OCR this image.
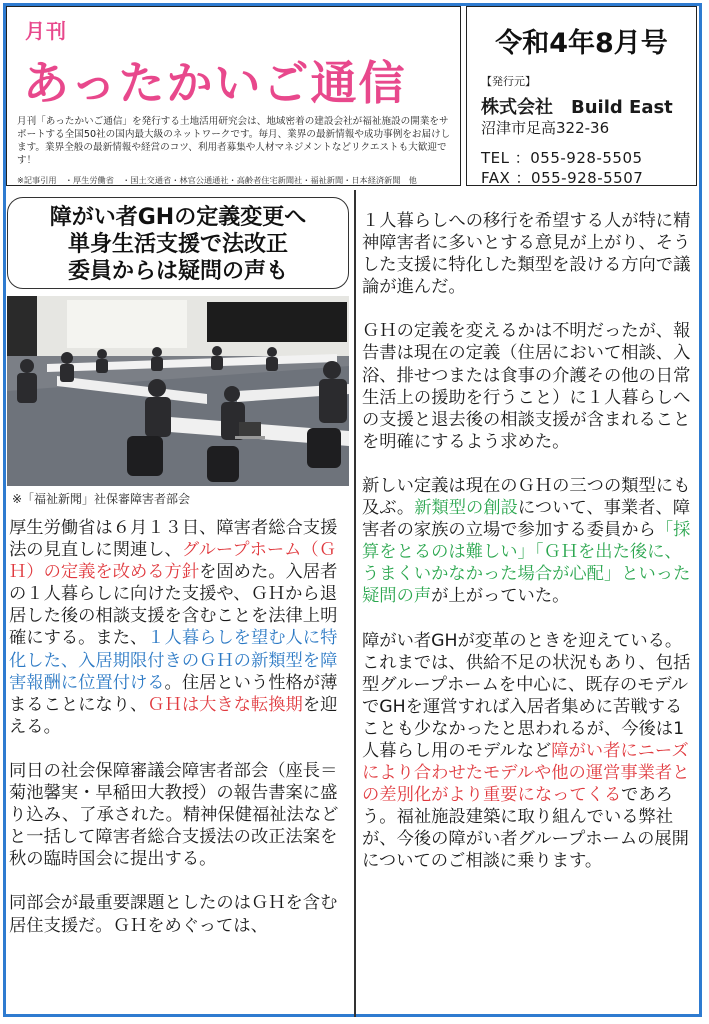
月刊
あったかいご通信
月刊「あったかいご通信」を発行する土地活用研究会は、地域密着の建設会社が福祉施設の開業をサポートする全国50社の国内最大級のネットワークです。毎月、業界の最新情報や成功事例をお届けします。業界全般の最新情報や経営のコツ、利用者募集や人材マネジメントなどリクエストも大歓迎です！
※記事引用　・厚生労働省　・国土交通省・林官公通通社・高齢者住宅新聞社・福祉新聞・日本経済新聞　他
令和4年8月号
【発行元】
株式会社　Build East
沼津市足高322-36
TEL ：055-928-5505
FAX ：055-928-5507
障がい者GHの定義変更へ
単身生活支援で法改正
委員からは疑問の声も
※「福祉新聞」社保審障害者部会

厚生労働省は６月１３日、障害者総合支援法の見直しに関連し、グループホーム（ＧＨ）の定義を改める方針を固めた。入居者の１人暮らしに向けた支援や、ＧＨから退居した後の相談支援を含むことを法律上明確にする。また、１人暮らしを望む人に特化した、入居期限付きのＧＨの新類型を障害報酬に位置付ける。住居という性格が薄まることになり、ＧＨは大きな転換期を迎える。

同日の社会保障審議会障害者部会（座長＝菊池馨実・早稲田大教授）の報告書案に盛り込み、了承された。精神保健福祉法などと一括して障害者総合支援法の改正法案を秋の臨時国会に提出する。

同部会が最重要課題としたのはＧＨを含む居住支援だ。ＧＨをめぐっては、

１人暮らしへの移行を希望する人が特に精神障害者に多いとする意見が上がり、そうした支援に特化した類型を設ける方向で議論が進んだ。

ＧＨの定義を変えるかは不明だったが、報告書は現在の定義（住居において相談、入浴、排せつまたは食事の介護その他の日常生活上の援助を行うこと）に１人暮らしへの支援と退去後の相談支援が含まれることを明確にするよう求めた。

新しい定義は現在のＧＨの三つの類型にも及ぶ。新類型の創設について、事業者、障害者の家族の立場で参加する委員から「採算をとるのは難しい」「ＧＨを出た後に、うまくいかなかった場合が心配」といった疑問の声が上がっていた。

障がい者GHが変革のときを迎えている。これまでは、供給不足の状況もあり、包括型グループホームを中心に、既存のモデルでGHを運営すれば入居者集めに苦戦することも少なかったと思われるが、今後は1人暮らし用のモデルなど障がい者にニーズにより合わせたモデルや他の運営事業者との差別化がより重要になってくるであろう。福祉施設建築に取り組んでいる弊社が、今後の障がい者グループホームの展開についてのご相談に乗ります。
